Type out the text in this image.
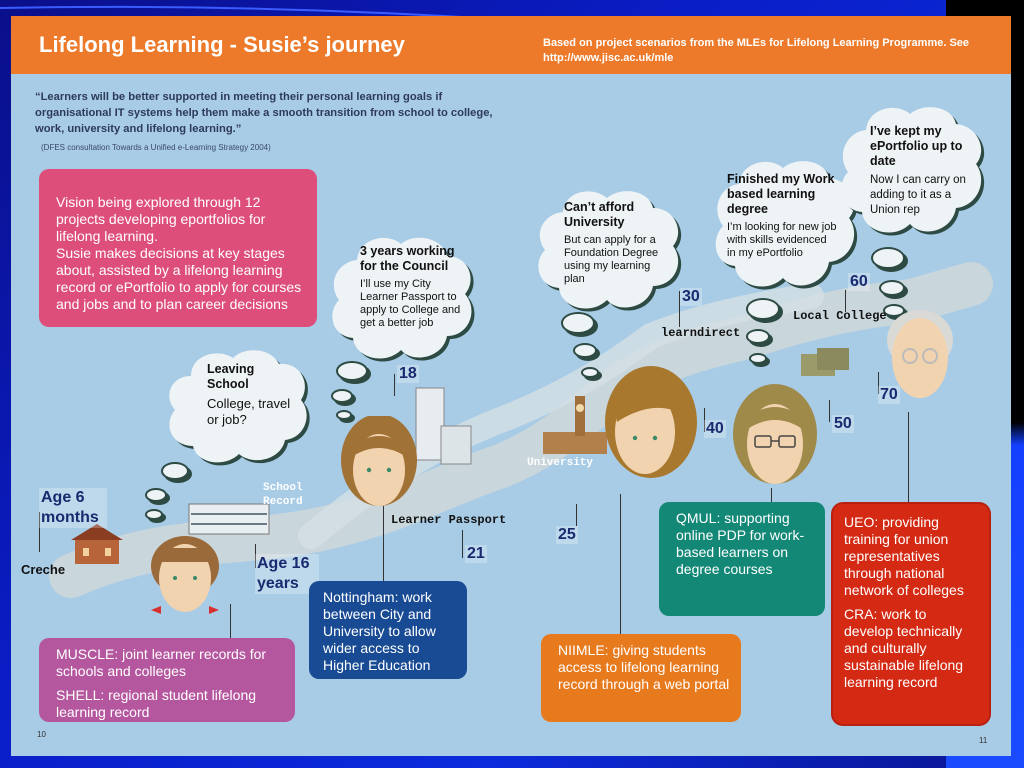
Lifelong Learning - Susie’s journey	Based on project scenarios from the MLEs for Lifelong Learning Programme. See http://www.jisc.ac.uk/mle
“Learners will be better supported in meeting their personal learning goals if organisational IT systems help them make a smooth transition from school to college, work, university and lifelong learning.”
(DFES consultation Towards a Unified e-Learning Strategy 2004)

Vision being explored through 12 projects developing eportfolios for lifelong learning.
Susie makes decisions at key stages about, assisted by a lifelong learning record or ePortfolio to apply for courses and jobs and to plan career decisions

Leaving School
College, travel or job?
3 years working for the Council
I’ll use my City Learner Passport to apply to College and get a better job
Can’t afford University
But can apply for a Foundation Degree using my learning plan
Finished my Work based learning degree
I’m looking for new job with skills evidenced in my ePortfolio
I’ve kept my ePortfolio up to date
Now I can carry on adding to it as a Union rep
Age 6 months
Age 16 years
18
21
25
30
40	50
60
70
Creche
School Record
Learner Passport
University
learndirect
Local College

MUSCLE: joint learner records for schools and colleges

SHELL: regional student lifelong learning record

Nottingham: work between City and University to allow wider access to Higher Education
NIIMLE: giving students access to lifelong learning record through a web portal
QMUL: supporting online PDP for work-based learners on degree courses

UEO: providing training for union representatives through national network of colleges

CRA: work to develop technically and culturally sustainable lifelong learning record

10
11
